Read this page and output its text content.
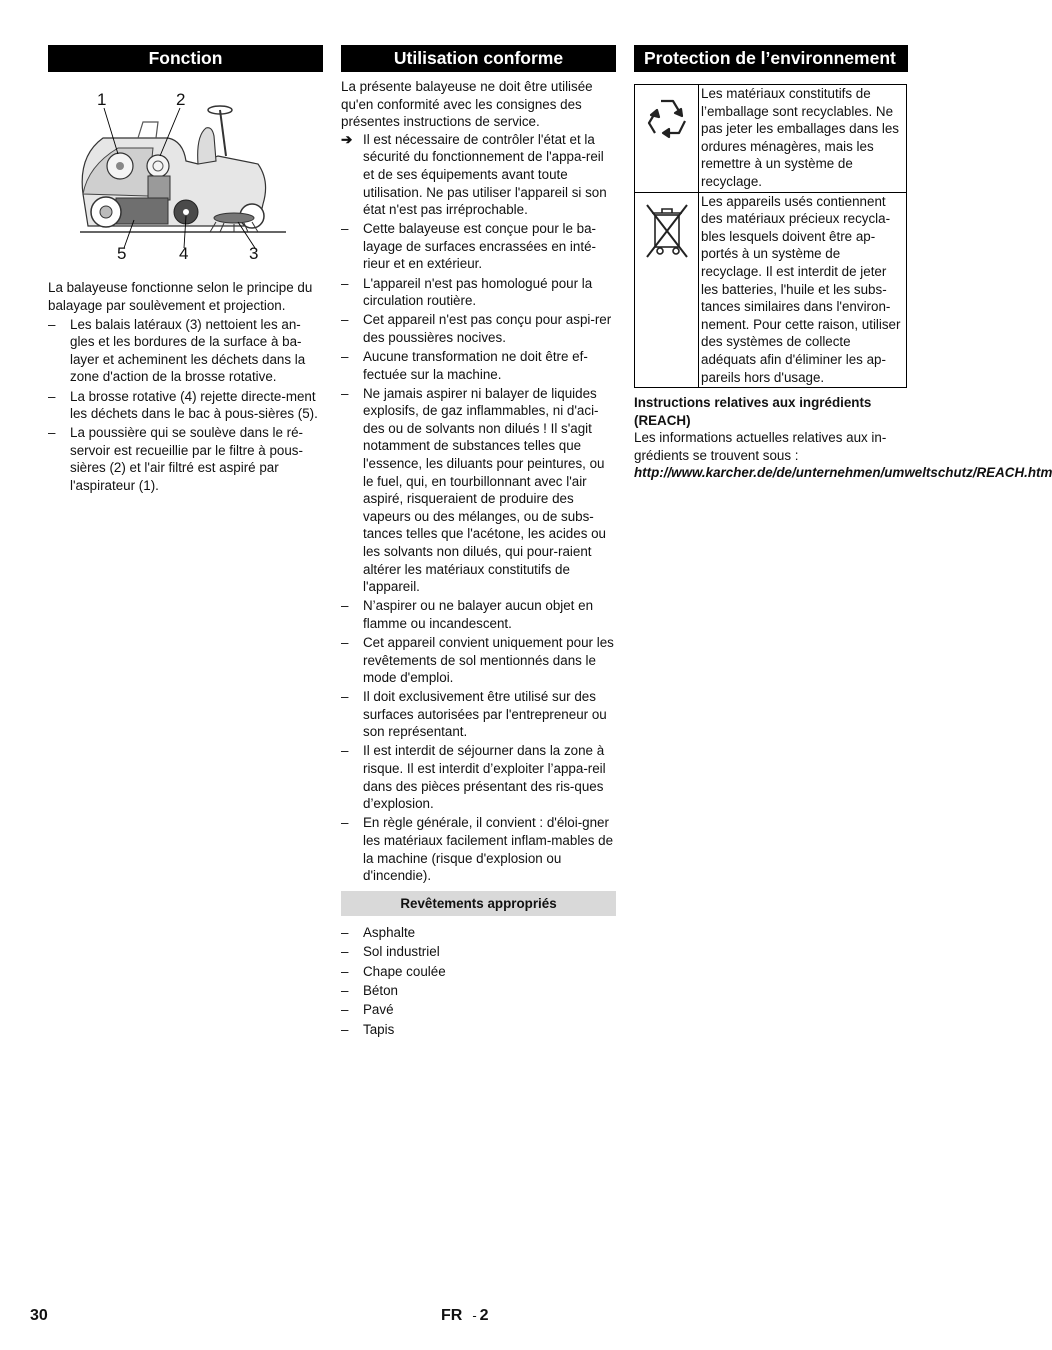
Fonction
1	2
3
4
5

La balayeuse fonctionne selon le principe du balayage par soulèvement et projection.

– Les balais latéraux (3) nettoient les an-gles et les bordures de la surface à ba-layer et acheminent les déchets dans la zone d'action de la brosse rotative.
– La brosse rotative (4) rejette directe-ment les déchets dans le bac à pous-sières (5).
– La poussière qui se soulève dans le ré-servoir est recueillie par le filtre à pous-sières (2) et l'air filtré est aspiré par l'aspirateur (1).
Utilisation conforme

La présente balayeuse ne doit être utilisée qu'en conformité avec les consignes des présentes instructions de service.

➔ Il est nécessaire de contrôler l'état et la sécurité du fonctionnement de l'appa-reil et de ses équipements avant toute utilisation. Ne pas utiliser l'appareil si son état n'est pas irréprochable.
– Cette balayeuse est conçue pour le ba-layage de surfaces encrassées en inté-rieur et en extérieur.
– L'appareil n'est pas homologué pour la circulation routière.
– Cet appareil n'est pas conçu pour aspi-rer des poussières nocives.
– Aucune transformation ne doit être ef-fectuée sur la machine.
– Ne jamais aspirer ni balayer de liquides explosifs, de gaz inflammables, ni d'aci-des ou de solvants non dilués ! Il s'agit notamment de substances telles que l'essence, les diluants pour peintures, ou le fuel, qui, en tourbillonnant avec l'air aspiré, risqueraient de produire des vapeurs ou des mélanges, ou de subs-tances telles que l'acétone, les acides ou les solvants non dilués, qui pour-raient altérer les matériaux constitutifs de l'appareil.
– N’aspirer ou ne balayer aucun objet en flamme ou incandescent.
– Cet appareil convient uniquement pour les revêtements de sol mentionnés dans le mode d'emploi.
– Il doit exclusivement être utilisé sur des surfaces autorisées par l'entrepreneur ou son représentant.
– Il est interdit de séjourner dans la zone à risque. Il est interdit d’exploiter l’appa-reil dans des pièces présentant des ris-ques d’explosion.
– En règle générale, il convient : d'éloi-gner les matériaux facilement inflam-mables de la machine (risque d'explosion ou d'incendie).
Revêtements appropriés
– Asphalte
– Sol industriel
– Chape coulée
– Béton
– Pavé
– Tapis
Protection de l’environnement
	Les matériaux constitutifs de l’emballage sont recyclables. Ne pas jeter les emballages dans les ordures ménagères, mais les remettre à un système de recyclage.
	Les appareils usés contiennent des matériaux précieux recycla-bles lesquels doivent être ap-portés à un système de recyclage. Il est interdit de jeter les batteries, l'huile et les subs-tances similaires dans l'environ-nement. Pour cette raison, utiliser des systèmes de collecte adéquats afin d'éliminer les ap-pareils hors d'usage.
Instructions relatives aux ingrédients (REACH)

Les informations actuelles relatives aux in-grédients se trouvent sous :

http://www.karcher.de/de/unternehmen/umweltschutz/REACH.htm

30	FR - 2
